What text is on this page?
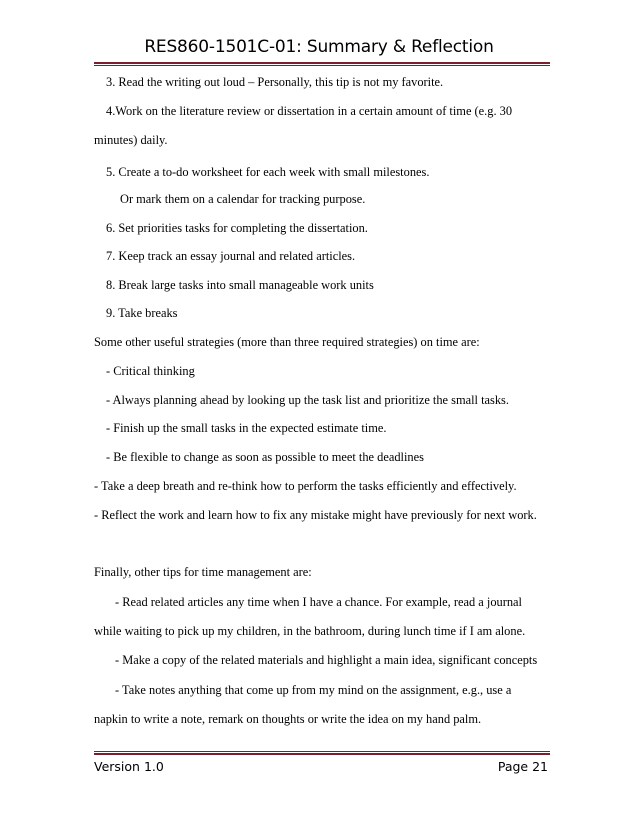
RES860-1501C-01: Summary & Reflection
3. Read the writing out loud – Personally, this tip is not my favorite.
4.Work on the literature review or dissertation in a certain amount of time (e.g. 30
minutes) daily.
5. Create a to-do worksheet for each week with small milestones.
Or mark them on a calendar for tracking purpose.
6. Set priorities tasks for completing the dissertation.
7. Keep track an essay journal and related articles.
8. Break large tasks into small manageable work units
9. Take breaks
Some other useful strategies (more than three required strategies) on time are:
- Critical thinking
- Always planning ahead by looking up the task list and prioritize the small tasks.
- Finish up the small tasks in the expected estimate time.
- Be flexible to change as soon as possible to meet the deadlines
- Take a deep breath and re-think how to perform the tasks efficiently and effectively.
- Reflect the work and learn how to fix any mistake might have previously for next work.
Finally, other tips for time management are:
- Read related articles any time when I have a chance. For example, read a journal
while waiting to pick up my children, in the bathroom, during lunch time if I am alone.
- Make a copy of the related materials and highlight a main idea, significant concepts
- Take notes anything that come up from my mind on the assignment, e.g., use a
napkin to write a note, remark on thoughts or write the idea on my hand palm.
Version 1.0	Page 21
